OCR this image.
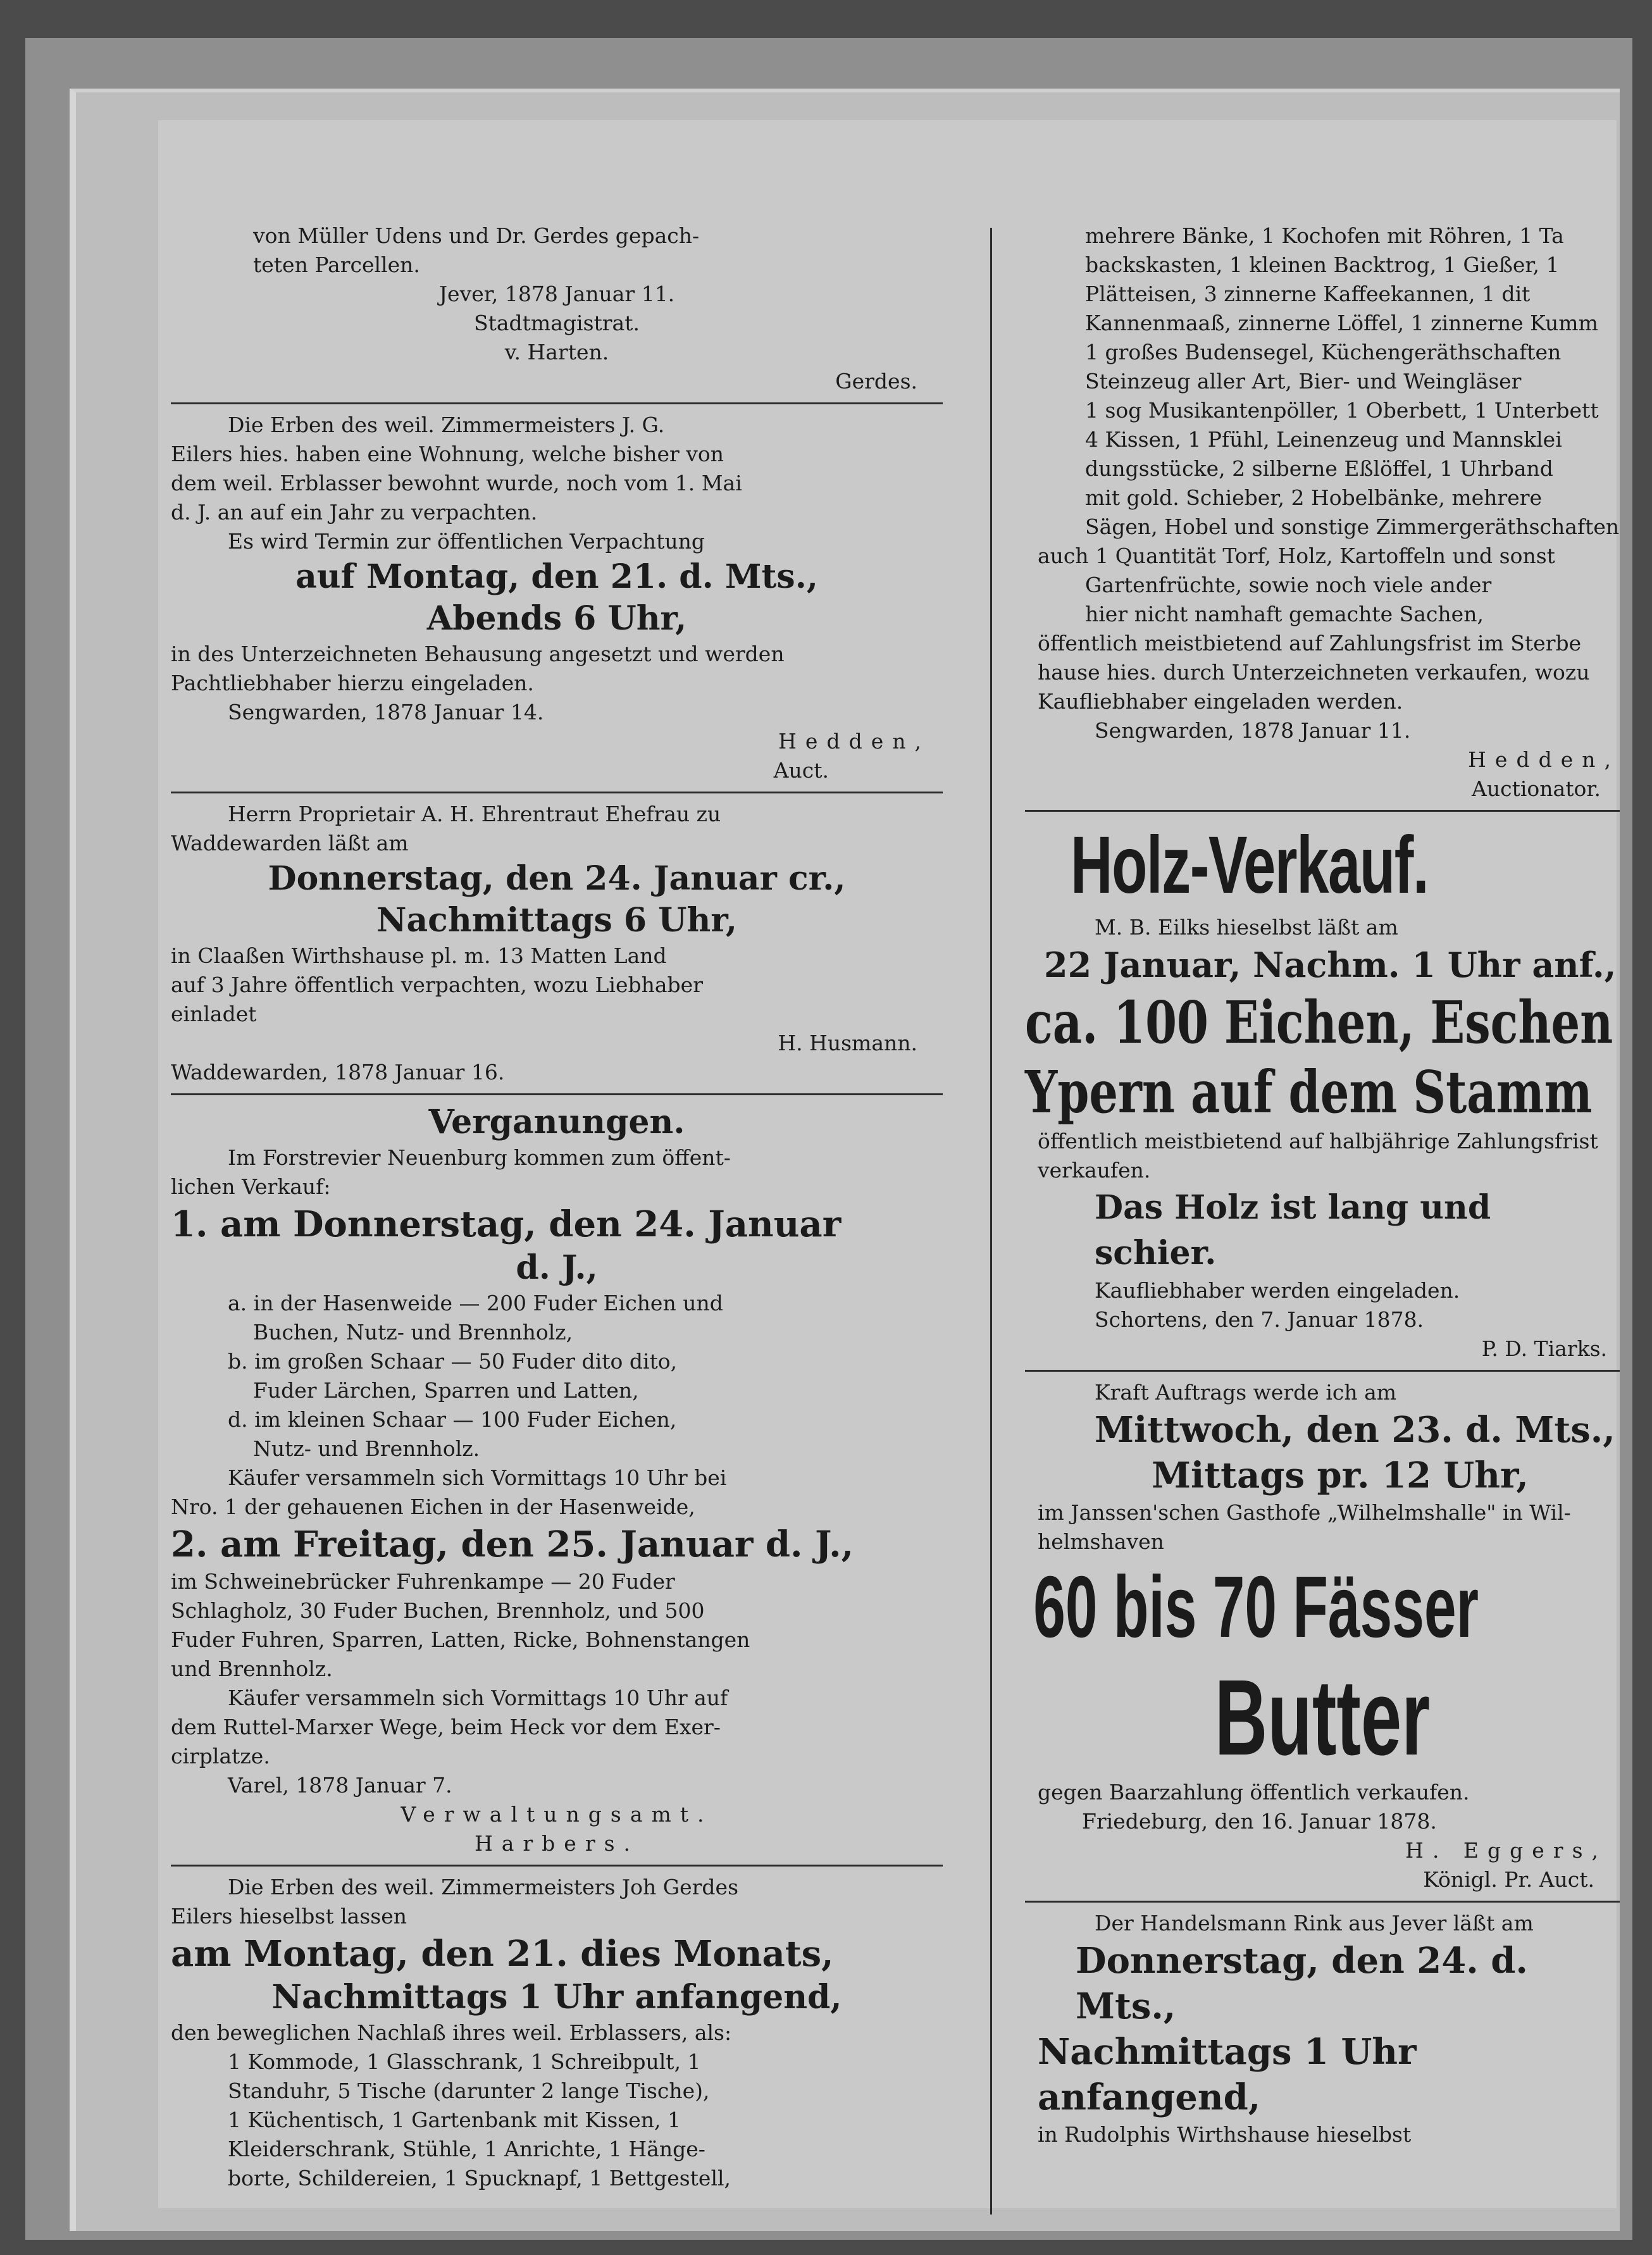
von Müller Udens und Dr. Gerdes gepach-

teten Parcellen.

Jever, 1878 Januar 11.

Stadtmagistrat.

v. Harten.

Gerdes.

Die Erben des weil. Zimmermeisters J. G.

Eilers hies. haben eine Wohnung, welche bisher von

dem weil. Erblasser bewohnt wurde, noch vom 1. Mai

d. J. an auf ein Jahr zu verpachten.

Es wird Termin zur öffentlichen Verpachtung

auf Montag, den 21. d. Mts.,

Abends 6 Uhr,

in des Unterzeichneten Behausung angesetzt und werden

Pachtliebhaber hierzu eingeladen.

Sengwarden, 1878 Januar 14.

Hedden,

Auct.

Herrn Proprietair A. H. Ehrentraut Ehefrau zu

Waddewarden läßt am

Donnerstag, den 24. Januar cr.,

Nachmittags 6 Uhr,

in Claaßen Wirthshause pl. m. 13 Matten Land

auf 3 Jahre öffentlich verpachten, wozu Liebhaber

einladet

H. Husmann.

Waddewarden, 1878 Januar 16.

Verganungen.

Im Forstrevier Neuenburg kommen zum öffent-

lichen Verkauf:

1. am Donnerstag, den 24. Januar

d. J.,

a. in der Hasenweide — 200 Fuder Eichen und

Buchen, Nutz- und Brennholz,

b. im großen Schaar — 50 Fuder dito dito,

Fuder Lärchen, Sparren und Latten,

d. im kleinen Schaar — 100 Fuder Eichen,

Nutz- und Brennholz.

Käufer versammeln sich Vormittags 10 Uhr bei

Nro. 1 der gehauenen Eichen in der Hasenweide,

2. am Freitag, den 25. Januar d. J.,

im Schweinebrücker Fuhrenkampe — 20 Fuder

Schlagholz, 30 Fuder Buchen, Brennholz, und 500

Fuder Fuhren, Sparren, Latten, Ricke, Bohnenstangen

und Brennholz.

Käufer versammeln sich Vormittags 10 Uhr auf

dem Ruttel-Marxer Wege, beim Heck vor dem Exer-

cirplatze.

Varel, 1878 Januar 7.

Verwaltungsamt.

Harbers.

Die Erben des weil. Zimmermeisters Joh Gerdes

Eilers hieselbst lassen

am Montag, den 21. dies Monats,

Nachmittags 1 Uhr anfangend,

den beweglichen Nachlaß ihres weil. Erblassers, als:

1 Kommode, 1 Glasschrank, 1 Schreibpult, 1

Standuhr, 5 Tische (darunter 2 lange Tische),

1 Küchentisch, 1 Gartenbank mit Kissen, 1

Kleiderschrank, Stühle, 1 Anrichte, 1 Hänge-

borte, Schildereien, 1 Spucknapf, 1 Bettgestell,

mehrere Bänke, 1 Kochofen mit Röhren, 1 Ta

backskasten, 1 kleinen Backtrog, 1 Gießer, 1

Plätteisen, 3 zinnerne Kaffeekannen, 1 dit

Kannenmaaß, zinnerne Löffel, 1 zinnerne Kumm

1 großes Budensegel, Küchengeräthschaften

Steinzeug aller Art, Bier- und Weingläser

1 sog Musikantenpöller, 1 Oberbett, 1 Unterbett

4 Kissen, 1 Pfühl, Leinenzeug und Mannsklei

dungsstücke, 2 silberne Eßlöffel, 1 Uhrband

mit gold. Schieber, 2 Hobelbänke, mehrere

Sägen, Hobel und sonstige Zimmergeräthschaften

auch 1 Quantität Torf, Holz, Kartoffeln und sonst

Gartenfrüchte, sowie noch viele ander

hier nicht namhaft gemachte Sachen,

öffentlich meistbietend auf Zahlungsfrist im Sterbe

hause hies. durch Unterzeichneten verkaufen, wozu

Kaufliebhaber eingeladen werden.

Sengwarden, 1878 Januar 11.

Hedden,

Auctionator.

Holz-Verkauf.

M. B. Eilks hieselbst läßt am

22 Januar, Nachm. 1 Uhr anf.,

ca. 100 Eichen, Eschen

Ypern auf dem Stamm

öffentlich meistbietend auf halbjährige Zahlungsfrist

verkaufen.

Das Holz ist lang und schier.

Kaufliebhaber werden eingeladen.

Schortens, den 7. Januar 1878.

P. D. Tiarks.

Kraft Auftrags werde ich am

Mittwoch, den 23. d. Mts.,

Mittags pr. 12 Uhr,

im Janssen'schen Gasthofe „Wilhelmshalle" in Wil-

helmshaven

60 bis 70 Fässer

Butter

gegen Baarzahlung öffentlich verkaufen.

Friedeburg, den 16. Januar 1878.

H. Eggers,

Königl. Pr. Auct.

Der Handelsmann Rink aus Jever läßt am

Donnerstag, den 24. d. Mts.,

Nachmittags 1 Uhr anfangend,

in Rudolphis Wirthshause hieselbst
